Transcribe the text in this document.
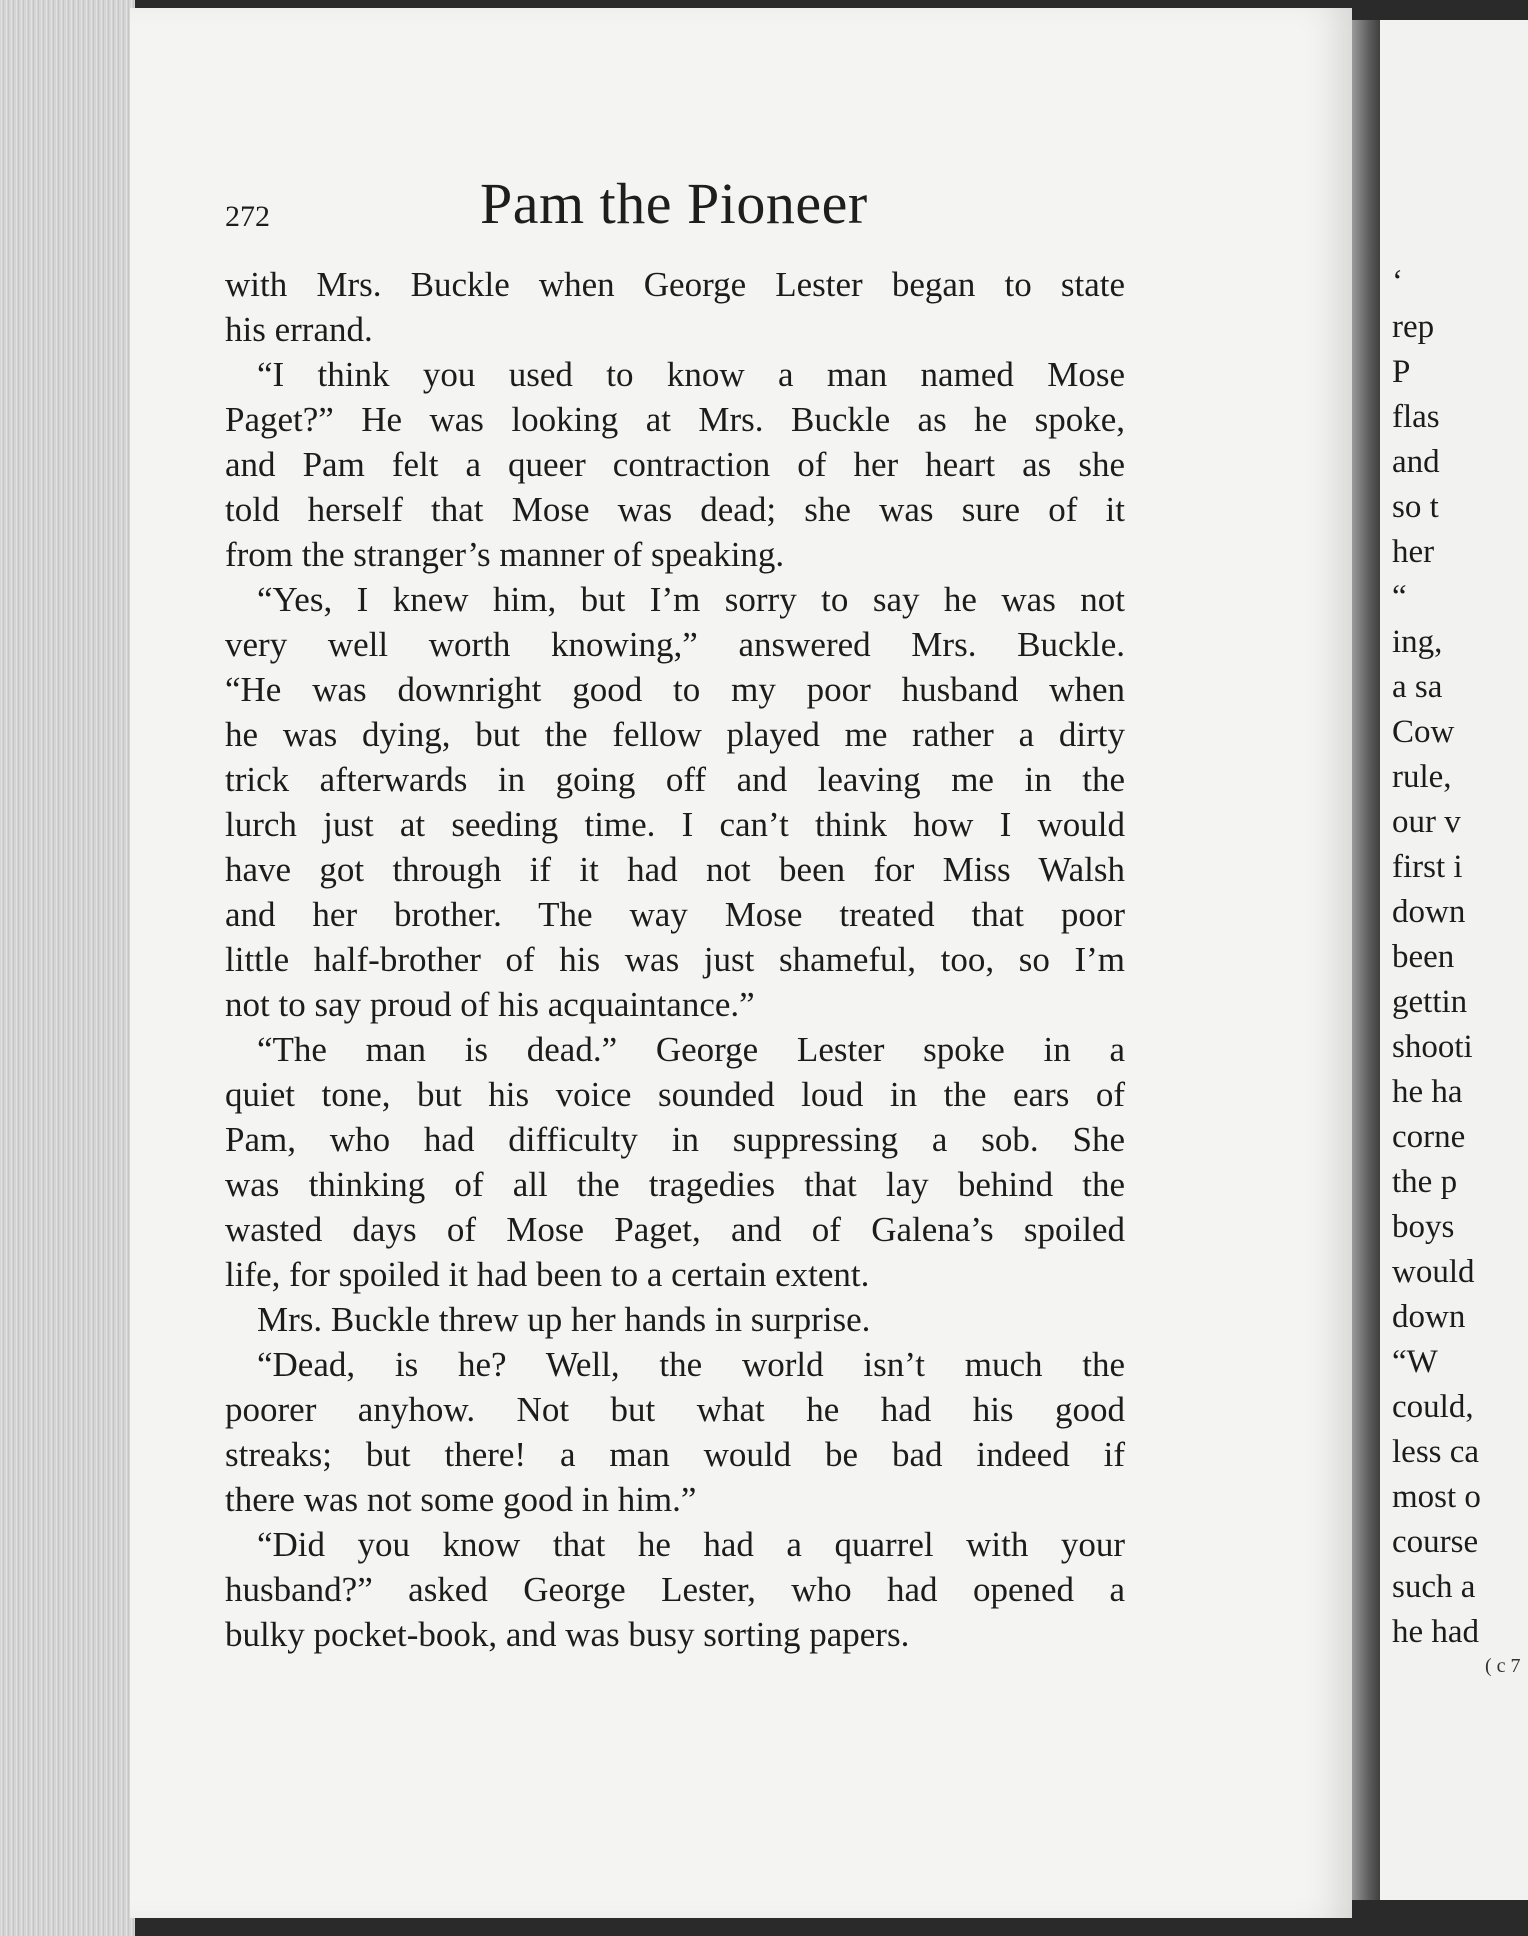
‘
rep
P
flas
and
so t
her
“
ing,
a sa
Cow
rule,
our v
first i
down
been
gettin
shooti
he ha
corne
the p
boys
would
down
“W
could,
less ca
most o
course
such a
he had
( c 7
272	Pam the Pioneer

with Mrs. Buckle when George Lester began to state
his errand.

“I think you used to know a man named Mose
Paget?” He was looking at Mrs. Buckle as he spoke,
and Pam felt a queer contraction of her heart as she
told herself that Mose was dead; she was sure of it
from the stranger’s manner of speaking.

“Yes, I knew him, but I’m sorry to say he was not
very well worth knowing,” answered Mrs. Buckle.
“He was downright good to my poor husband when
he was dying, but the fellow played me rather a dirty
trick afterwards in going off and leaving me in the
lurch just at seeding time. I can’t think how I would
have got through if it had not been for Miss Walsh
and her brother. The way Mose treated that poor
little half-brother of his was just shameful, too, so I’m
not to say proud of his acquaintance.”

“The man is dead.” George Lester spoke in a
quiet tone, but his voice sounded loud in the ears of
Pam, who had difficulty in suppressing a sob. She
was thinking of all the tragedies that lay behind the
wasted days of Mose Paget, and of Galena’s spoiled
life, for spoiled it had been to a certain extent.

Mrs. Buckle threw up her hands in surprise.

“Dead, is he? Well, the world isn’t much the
poorer anyhow. Not but what he had his good
streaks; but there! a man would be bad indeed if
there was not some good in him.”

“Did you know that he had a quarrel with your
husband?” asked George Lester, who had opened a
bulky pocket-book, and was busy sorting papers.
